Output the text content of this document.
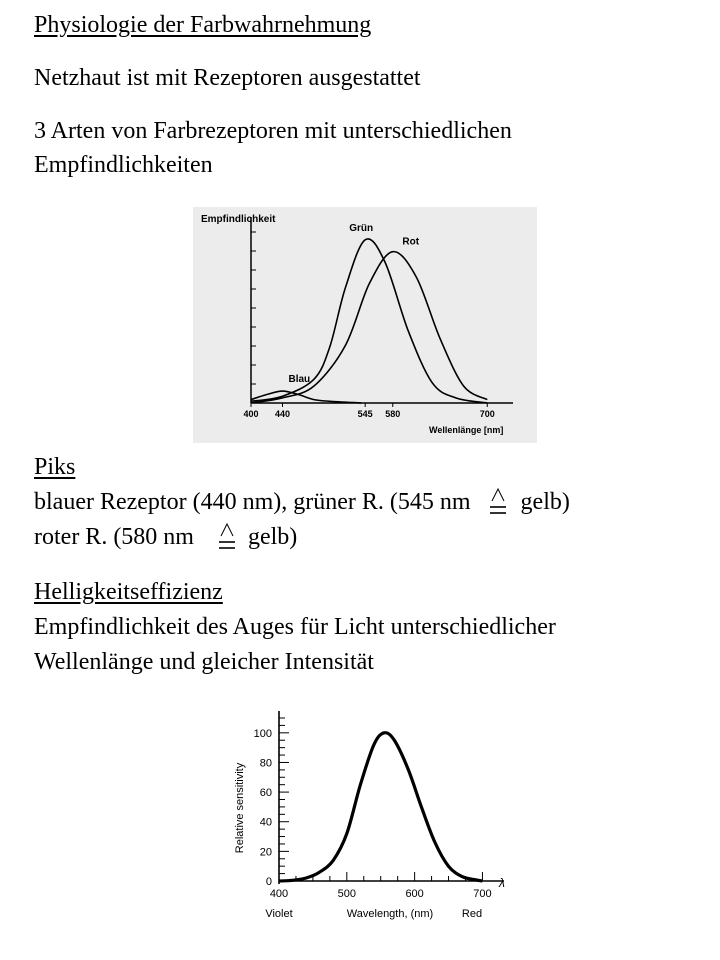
Physiologie der Farbwahrnehmung
Netzhaut ist mit Rezeptoren ausgestattet
3 Arten von Farbrezeptoren mit unterschiedlichen
Empfindlichkeiten
Empfindlichkeit
Wellenlänge [nm]
400 440	545 580	700
Blau
Grün
Rot
Piks
blauer Rezeptor (440 nm), grüner R. (545 nm gelb)
roter R. (580 nm gelb)
Helligkeitseffizienz
Empfindlichkeit des Auges für Licht unterschiedlicher
Wellenlänge und gleicher Intensität
Relative sensitivity
Wavelength, (nm)
Violet	Red
λ
0
20
40
60
80
100
400	500	600	700
